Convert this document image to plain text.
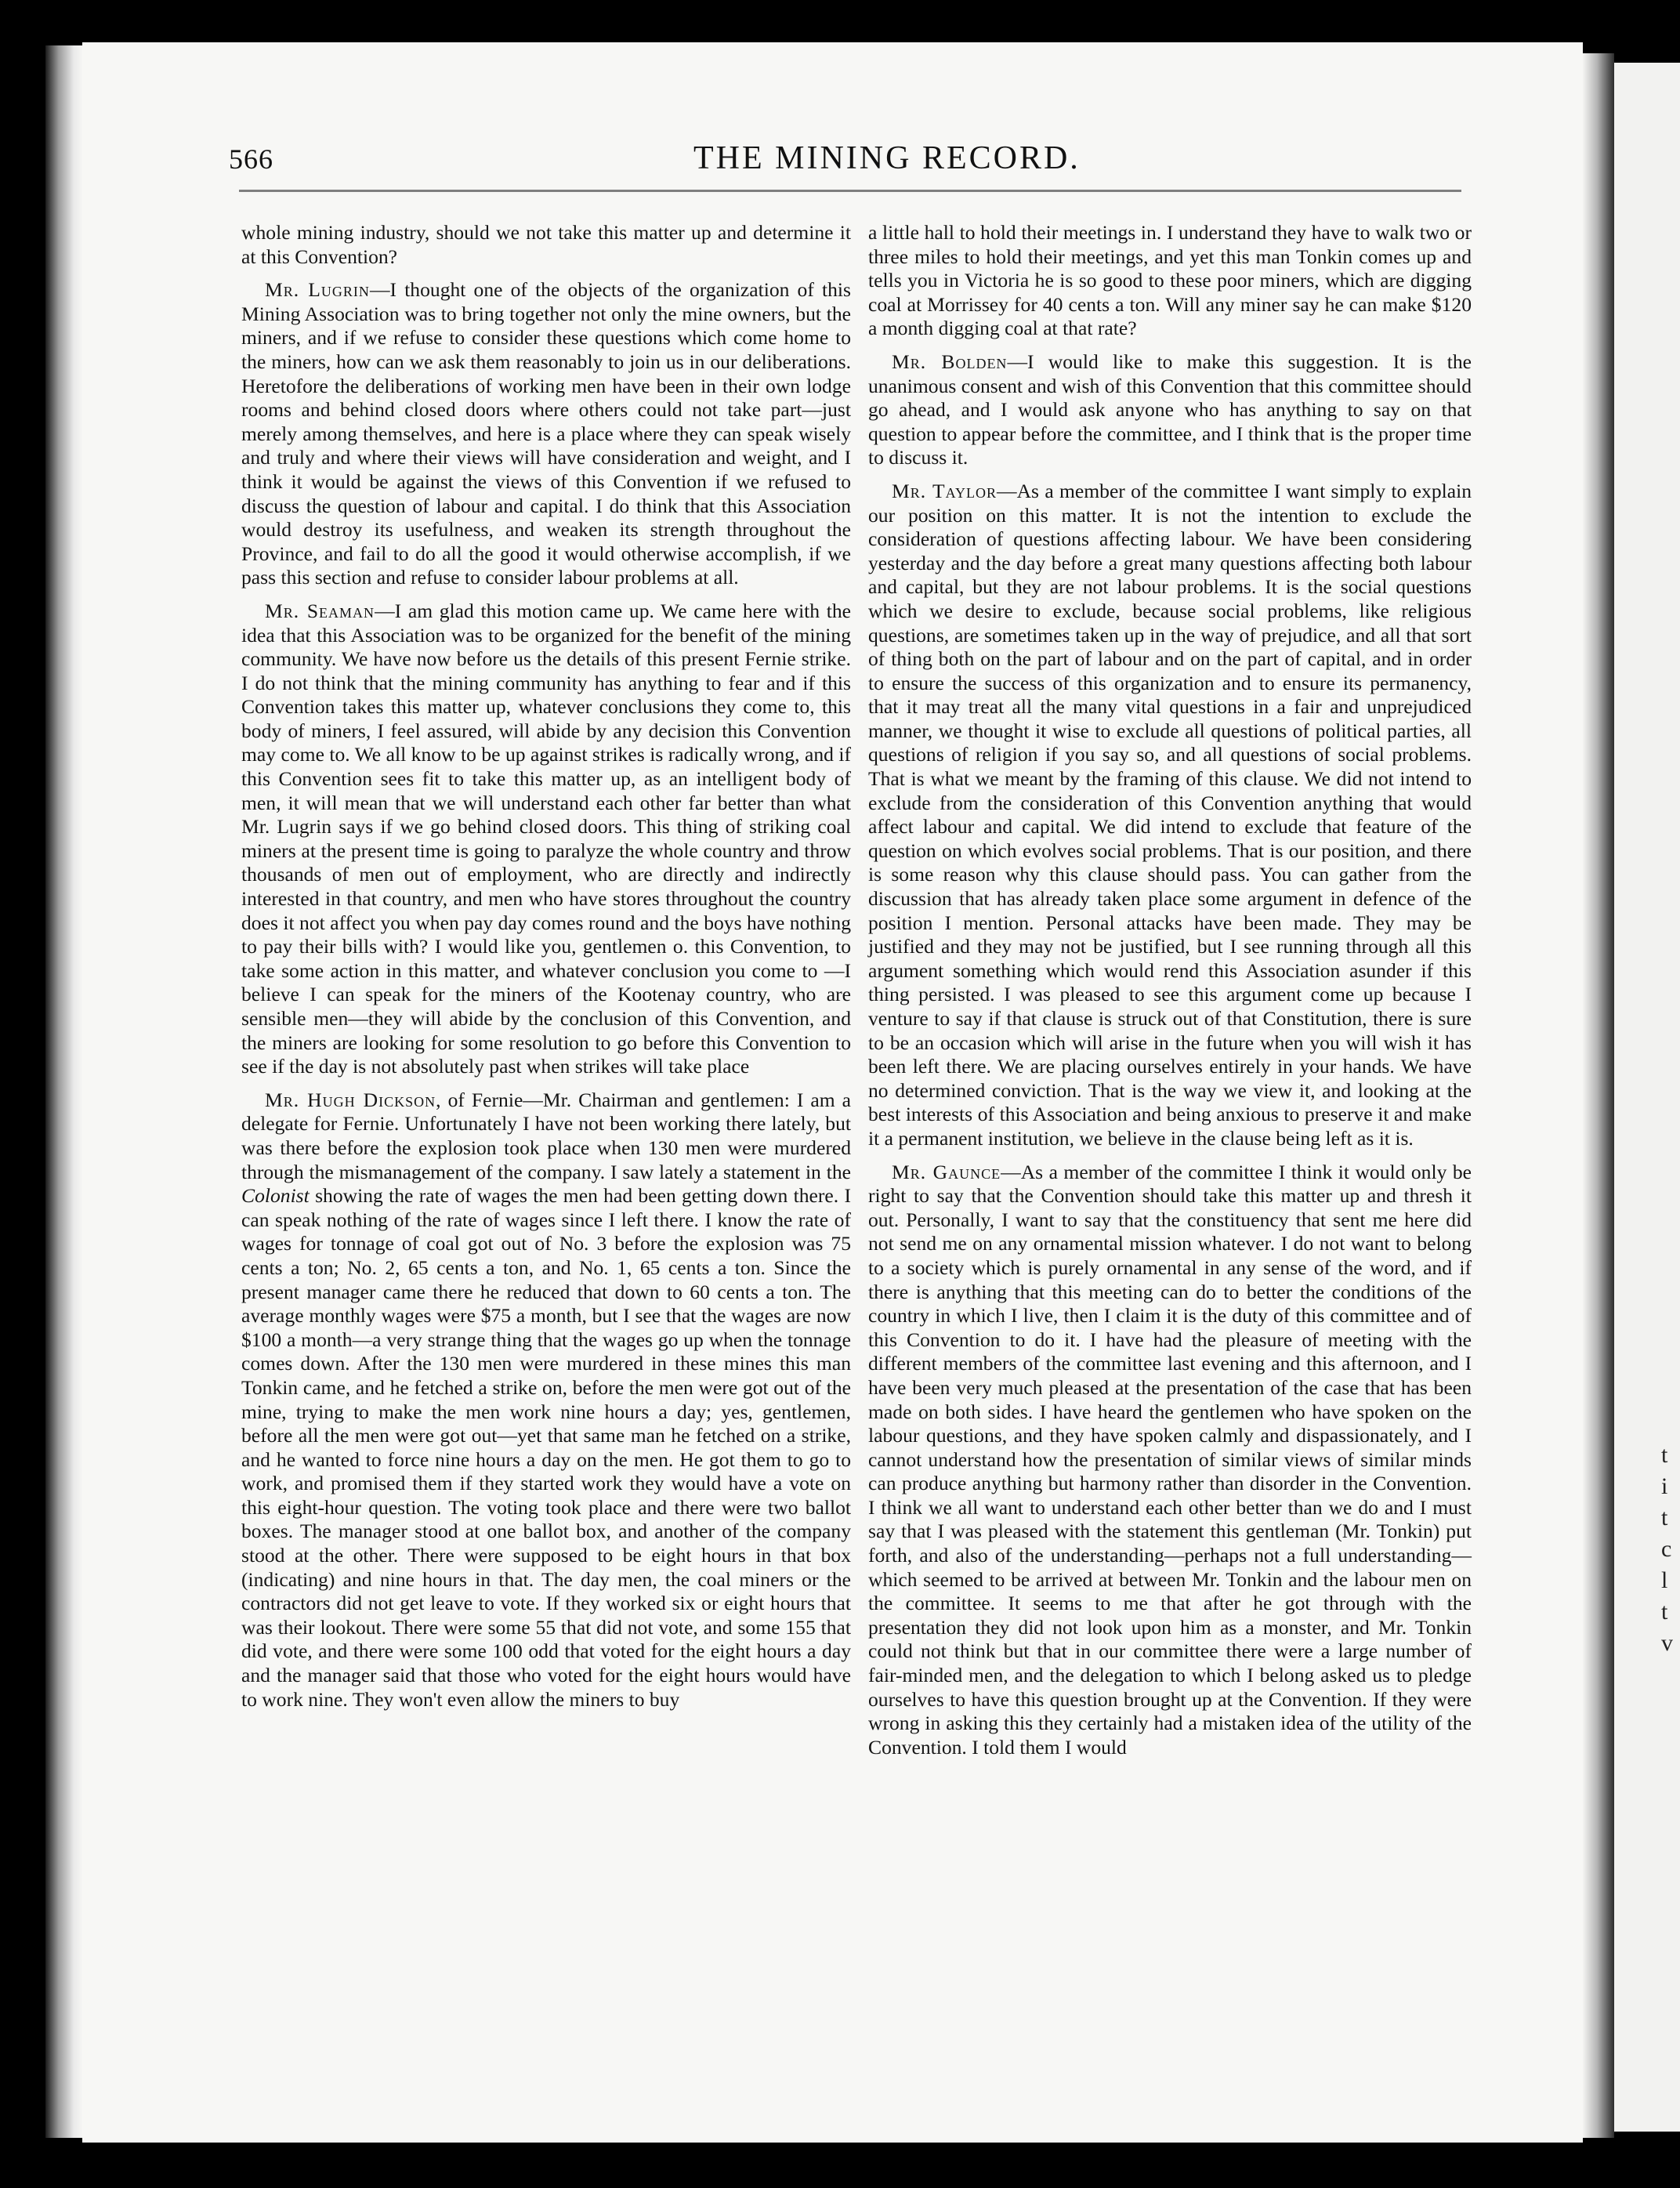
t
i
t
c
l
t
v
566	THE MINING RECORD.

whole mining industry, should we not take this matter up and determine it at this Convention?

Mr. Lugrin—I thought one of the objects of the organization of this Mining Association was to bring together not only the mine owners, but the miners, and if we refuse to consider these questions which come home to the miners, how can we ask them reasonably to join us in our deliberations. Heretofore the deliberations of working men have been in their own lodge rooms and behind closed doors where others could not take part—just merely among themselves, and here is a place where they can speak wisely and truly and where their views will have consideration and weight, and I think it would be against the views of this Convention if we refused to discuss the question of labour and capital. I do think that this Association would destroy its usefulness, and weaken its strength throughout the Province, and fail to do all the good it would otherwise accomplish, if we pass this section and refuse to consider labour problems at all.

Mr. Seaman—I am glad this motion came up. We came here with the idea that this Association was to be organized for the benefit of the mining community. We have now before us the details of this present Fernie strike. I do not think that the mining community has anything to fear and if this Convention takes this matter up, whatever conclusions they come to, this body of miners, I feel assured, will abide by any decision this Convention may come to. We all know to be up against strikes is radically wrong, and if this Convention sees fit to take this matter up, as an intelligent body of men, it will mean that we will understand each other far better than what Mr. Lugrin says if we go behind closed doors. This thing of striking coal miners at the present time is going to paralyze the whole country and throw thousands of men out of employment, who are directly and indirectly interested in that country, and men who have stores throughout the country does it not affect you when pay day comes round and the boys have nothing to pay their bills with? I would like you, gentlemen o. this Convention, to take some action in this matter, and whatever conclusion you come to —I believe I can speak for the miners of the Kootenay country, who are sensible men—they will abide by the conclusion of this Convention, and the miners are looking for some resolution to go before this Convention to see if the day is not absolutely past when strikes will take place

Mr. Hugh Dickson, of Fernie—Mr. Chairman and gentlemen: I am a delegate for Fernie. Unfortunately I have not been working there lately, but was there before the explosion took place when 130 men were murdered through the mismanagement of the company. I saw lately a statement in the Colonist showing the rate of wages the men had been getting down there. I can speak nothing of the rate of wages since I left there. I know the rate of wages for tonnage of coal got out of No. 3 before the explosion was 75 cents a ton; No. 2, 65 cents a ton, and No. 1, 65 cents a ton. Since the present manager came there he reduced that down to 60 cents a ton. The average monthly wages were $75 a month, but I see that the wages are now $100 a month—a very strange thing that the wages go up when the tonnage comes down. After the 130 men were murdered in these mines this man Tonkin came, and he fetched a strike on, before the men were got out of the mine, trying to make the men work nine hours a day; yes, gentlemen, before all the men were got out—yet that same man he fetched on a strike, and he wanted to force nine hours a day on the men. He got them to go to work, and promised them if they started work they would have a vote on this eight-hour question. The voting took place and there were two ballot boxes. The manager stood at one ballot box, and another of the company stood at the other. There were supposed to be eight hours in that box (indicating) and nine hours in that. The day men, the coal miners or the contractors did not get leave to vote. If they worked six or eight hours that was their lookout. There were some 55 that did not vote, and some 155 that did vote, and there were some 100 odd that voted for the eight hours a day and the manager said that those who voted for the eight hours would have to work nine. They won't even allow the miners to buy

a little hall to hold their meetings in. I understand they have to walk two or three miles to hold their meetings, and yet this man Tonkin comes up and tells you in Victoria he is so good to these poor miners, which are digging coal at Morrissey for 40 cents a ton. Will any miner say he can make $120 a month digging coal at that rate?

Mr. Bolden—I would like to make this suggestion. It is the unanimous consent and wish of this Convention that this committee should go ahead, and I would ask anyone who has anything to say on that question to appear before the committee, and I think that is the proper time to discuss it.

Mr. Taylor—As a member of the committee I want simply to explain our position on this matter. It is not the intention to exclude the consideration of questions affecting labour. We have been considering yesterday and the day before a great many questions affecting both labour and capital, but they are not labour problems. It is the social questions which we desire to exclude, because social problems, like religious questions, are sometimes taken up in the way of prejudice, and all that sort of thing both on the part of labour and on the part of capital, and in order to ensure the success of this organization and to ensure its permanency, that it may treat all the many vital questions in a fair and unprejudiced manner, we thought it wise to exclude all questions of political parties, all questions of religion if you say so, and all questions of social problems. That is what we meant by the framing of this clause. We did not intend to exclude from the consideration of this Convention anything that would affect labour and capital. We did intend to exclude that feature of the question on which evolves social problems. That is our position, and there is some reason why this clause should pass. You can gather from the discussion that has already taken place some argument in defence of the position I mention. Personal attacks have been made. They may be justified and they may not be justified, but I see running through all this argument something which would rend this Association asunder if this thing persisted. I was pleased to see this argument come up because I venture to say if that clause is struck out of that Constitution, there is sure to be an occasion which will arise in the future when you will wish it has been left there. We are placing ourselves entirely in your hands. We have no determined conviction. That is the way we view it, and looking at the best interests of this Association and being anxious to preserve it and make it a permanent institution, we believe in the clause being left as it is.

Mr. Gaunce—As a member of the committee I think it would only be right to say that the Convention should take this matter up and thresh it out. Personally, I want to say that the constituency that sent me here did not send me on any ornamental mission whatever. I do not want to belong to a society which is purely ornamental in any sense of the word, and if there is anything that this meeting can do to better the conditions of the country in which I live, then I claim it is the duty of this committee and of this Convention to do it. I have had the pleasure of meeting with the different members of the committee last evening and this afternoon, and I have been very much pleased at the presentation of the case that has been made on both sides. I have heard the gentlemen who have spoken on the labour questions, and they have spoken calmly and dispassionately, and I cannot understand how the presentation of similar views of similar minds can produce anything but harmony rather than disorder in the Convention. I think we all want to understand each other better than we do and I must say that I was pleased with the statement this gentleman (Mr. Tonkin) put forth, and also of the understanding—perhaps not a full understanding—which seemed to be arrived at between Mr. Tonkin and the labour men on the committee. It seems to me that after he got through with the presentation they did not look upon him as a monster, and Mr. Tonkin could not think but that in our committee there were a large number of fair-minded men, and the delegation to which I belong asked us to pledge ourselves to have this question brought up at the Convention. If they were wrong in asking this they certainly had a mistaken idea of the utility of the Convention. I told them I would
